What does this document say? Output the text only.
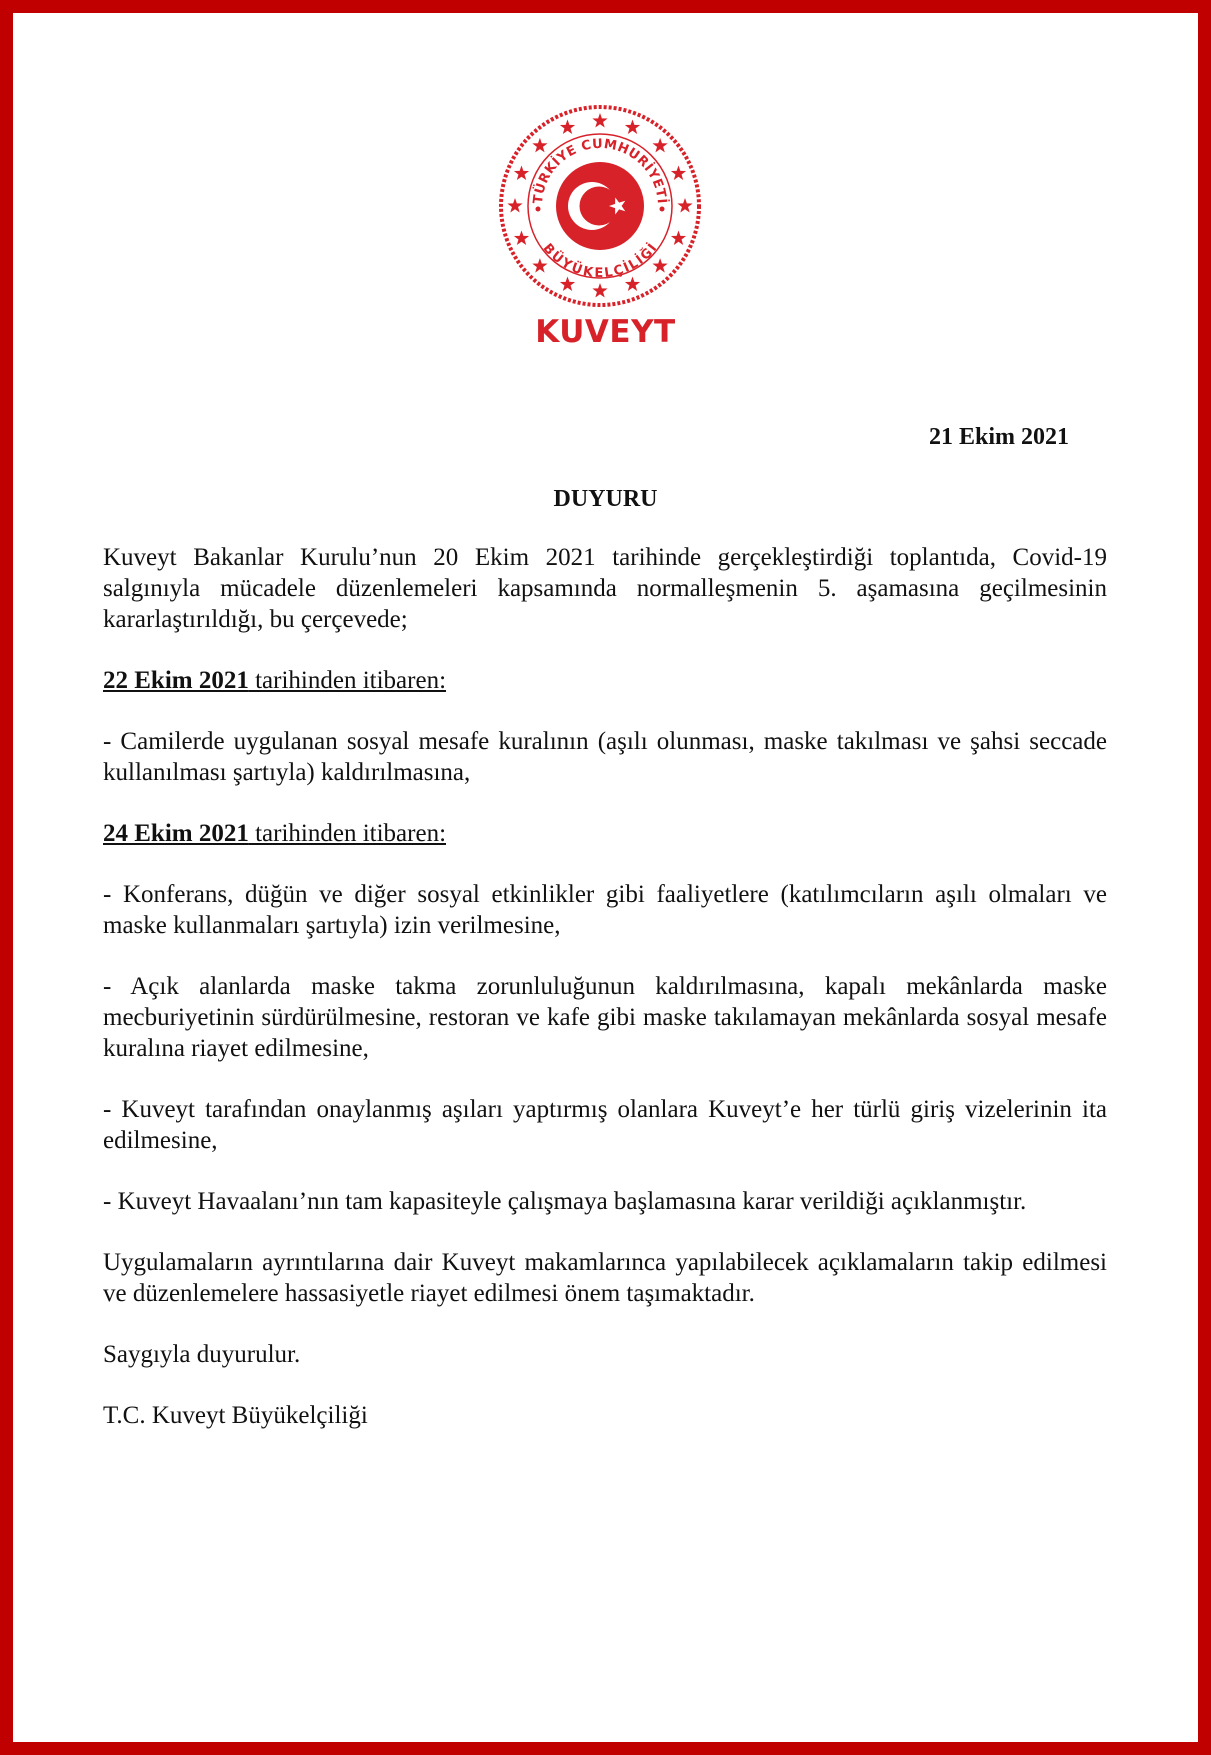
TÜRKİYE CUMHURİYETİ
BÜYÜKELÇİLİĞİ
KUVEYT
21 Ekim 2021
DUYURU

Kuveyt Bakanlar Kurulu’nun 20 Ekim 2021 tarihinde gerçekleştirdiği toplantıda, Covid-19 salgınıyla mücadele düzenlemeleri kapsamında normalleşmenin 5. aşamasına geçilmesinin kararlaştırıldığı, bu çerçevede;

22 Ekim 2021 tarihinden itibaren:

- Camilerde uygulanan sosyal mesafe kuralının (aşılı olunması, maske takılması ve şahsi seccade kullanılması şartıyla) kaldırılmasına,

24 Ekim 2021 tarihinden itibaren:

- Konferans, düğün ve diğer sosyal etkinlikler gibi faaliyetlere (katılımcıların aşılı olmaları ve maske kullanmaları şartıyla) izin verilmesine,

- Açık alanlarda maske takma zorunluluğunun kaldırılmasına, kapalı mekânlarda maske mecburiyetinin sürdürülmesine, restoran ve kafe gibi maske takılamayan mekânlarda sosyal mesafe kuralına riayet edilmesine,

- Kuveyt tarafından onaylanmış aşıları yaptırmış olanlara Kuveyt’e her türlü giriş vizelerinin ita edilmesine,

- Kuveyt Havaalanı’nın tam kapasiteyle çalışmaya başlamasına karar verildiği açıklanmıştır.

Uygulamaların ayrıntılarına dair Kuveyt makamlarınca yapılabilecek açıklamaların takip edilmesi ve düzenlemelere hassasiyetle riayet edilmesi önem taşımaktadır.

Saygıyla duyurulur.

T.C. Kuveyt Büyükelçiliği
